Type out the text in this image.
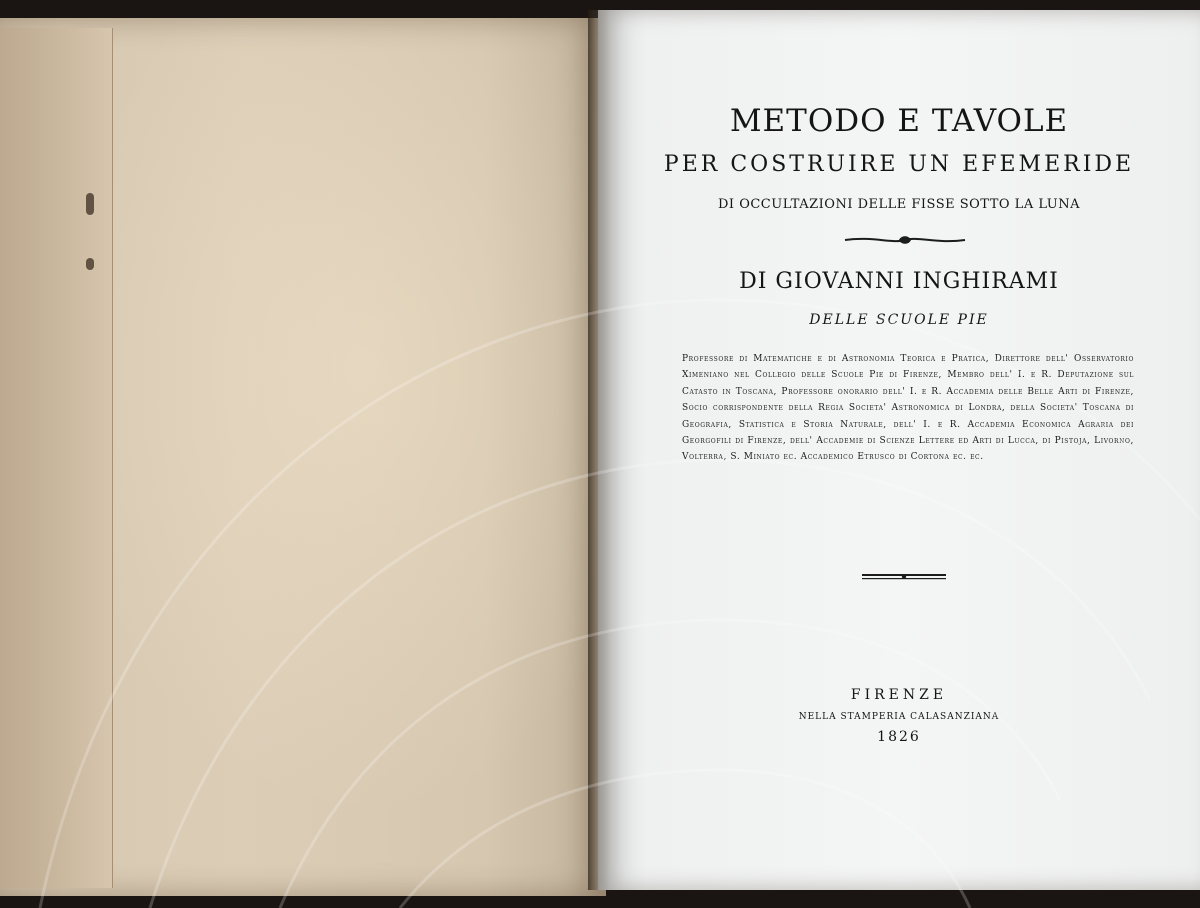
METODO E TAVOLE
PER COSTRUIRE UN EFEMERIDE
DI OCCULTAZIONI DELLE FISSE SOTTO LA LUNA
DI GIOVANNI INGHIRAMI
DELLE SCUOLE PIE

Professore di Matematiche e di Astronomia Teorica e Pratica, Direttore dell' Osservatorio Ximeniano nel Collegio delle Scuole Pie di Firenze, Membro dell' I. e R. Deputazione sul Catasto in Toscana, Professore onorario dell' I. e R. Accademia delle Belle Arti di Firenze, Socio corrispondente della Regia Societa' Astronomica di Londra, della Societa' Toscana di Geografia, Statistica e Storia Naturale, dell' I. e R. Accademia Economica Agraria dei Georgofili di Firenze, dell' Accademie di Scienze Lettere ed Arti di Lucca, di Pistoja, Livorno, Volterra, S. Miniato ec. Accademico Etrusco di Cortona ec. ec.

FIRENZE
NELLA STAMPERIA CALASANZIANA
1826
